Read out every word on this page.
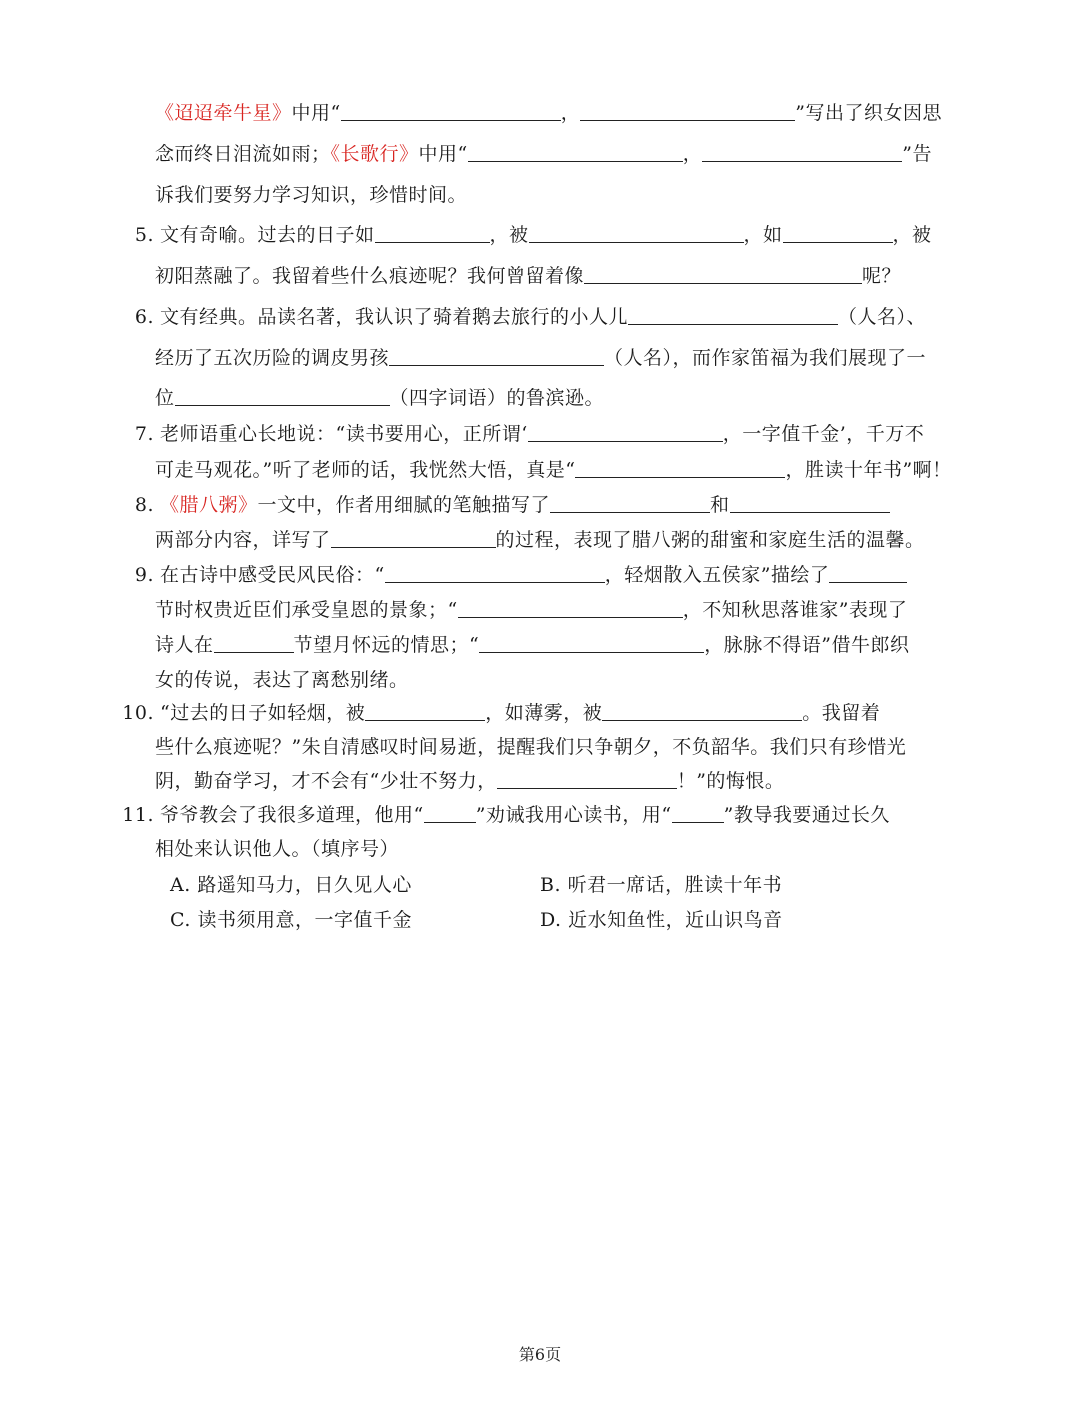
《迢迢牵牛星》中用“	，	”写出了织女因思
念而终日泪流如雨；《长歌行》中用“	，	”告
诉我们要努力学习知识，珍惜时间。
5. 文有奇喻。过去的日子如	，被	，如	，被
初阳蒸融了。我留着些什么痕迹呢？我何曾留着像	呢？
6. 文有经典。品读名著，我认识了骑着鹅去旅行的小人儿	（人名）、
经历了五次历险的调皮男孩	（人名），而作家笛福为我们展现了一
位	（四字词语）的鲁滨逊。
7. 老师语重心长地说：“读书要用心，正所谓‘	，一字值千金’，千万不
可走马观花。”听了老师的话，我恍然大悟，真是“	，胜读十年书”啊！
8. 《腊八粥》一文中，作者用细腻的笔触描写了	和
两部分内容，详写了	的过程，表现了腊八粥的甜蜜和家庭生活的温馨。
9. 在古诗中感受民风民俗：“	，轻烟散入五侯家”描绘了
节时权贵近臣们承受皇恩的景象；“	，不知秋思落谁家”表现了
诗人在	节望月怀远的情思；“	，脉脉不得语”借牛郎织
女的传说，表达了离愁别绪。
10. “过去的日子如轻烟，被	，如薄雾，被	。我留着
些什么痕迹呢？”朱自清感叹时间易逝，提醒我们只争朝夕，不负韶华。我们只有珍惜光
阴，勤奋学习，才不会有“少壮不努力，	！”的悔恨。
11. 爷爷教会了我很多道理，他用“	”劝诫我用心读书，用“	”教导我要通过长久
相处来认识他人。（填序号）
A. 路遥知马力，日久见人心	B. 听君一席话，胜读十年书
C. 读书须用意，一字值千金	D. 近水知鱼性，近山识鸟音
第6页
